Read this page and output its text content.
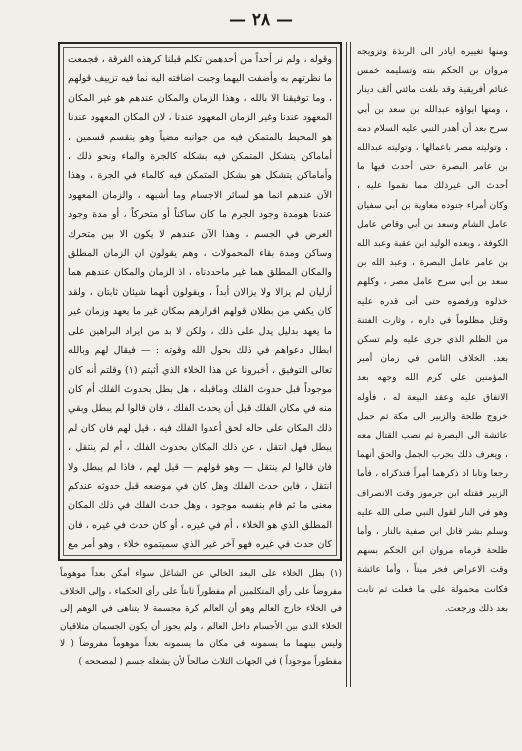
— ٢٨ —

وقوله ، ولم نر أحداً من أحدهمن تكلم قبلنا كرهذه الفرقة ، فجمعت ما نظرتهم به وأضفت اليهما وجبت اضافته اليه نما فيه تزييف قولهم ، وما توفيقنا الا بالله ، وهذا الزمان والمكان عندهم هو غير المكان المعهود عندنا وغير الزمان المعهود عندنا ، لان المكان المعهود عندنا هو المحيط بالمتمكن فيه من جوانبه مضياً وهو ينقسم قسمين ، أماماكن يتشكل المتمكن فيه بشكله كالجرة والماء ونحو ذلك ، وأماماكن يتشكل هو بشكل المتمكن فيه كالماء في الجرة ، وهذا الآن عندهم انما هو لسائر الاجسام وما أشبهه ، والزمان المعهود عندنا هومدة وجود الجرم ما كان ساكناً أو متحركاً ، أو مدة وجود العرض في الجسم ، وهذا الآن عندهم لا يكون الا بين متحرك وساكن ومدة بقاء المحمولات ، وهم يقولون ان الزمان المطلق والمكان المطلق هما غير ماحددناه ، اذ الزمان والمكان عندهم هما أزليان لم يزالا ولا يزالان أبداً ، ويقولون أنهما شيئان ثابتان ، ولقد كان يكفي من بطلان قولهم اقرارهم بمكان غير ما يعهد وزمان غير ما يعهد بدليل يدل على ذلك ، ولكن لا بد من ايراد البراهين على ابطال دعواهم في ذلك بحول الله وقوته : — فيقال لهم وبالله تعالى التوفيق ، أخبرونا عن هذا الخلاء الذي أثبتم (١) وقلتم أنه كان موجوداً قبل حدوث الفلك وماقبله ، هل بطل بحدوث الفلك أم كان منه في مكان الفلك قبل أن يحدث الفلك ، فان قالوا لم يبطل وبقي ذلك المكان على حاله لحق أعدوا الفلك فيه ، قيل لهم فان كان لم يبطل فهل انتقل ، عن ذلك المكان بحدوث الفلك ، أم لم ينتقل ، فان قالوا لم ينتقل — وهو قولهم — قيل لهم ، فاذا لم يبطل ولا انتقل ، فاين حدث الفلك وهل كان في موضعه قبل حدوثه عندكم معنى ما ثم قام بنفسه موجود ، وهل حدث الفلك في ذلك المكان المطلق الذي هو الخلاء ، أم في غيره ، أو كان حدث في غيره ، فان كان حدث في غيره فهو آخر غير الذي سميتموه خلاء ، وهو أمر مع

(١) بطل الخلاء على البعد الخالي عن الشاغل سواء أمكن بعداً موهوماً مفروضاً على رأي المتكلمين أم مفطوراً ثابتاً على رأي الحكماء ، وإلى الخلاف في الخلاء خارج العالم وهو أن العالم كرة مجسمة لا يتناهى في الوهم إلى الخلاء الذي بين الأجسام داخل العالم ، ولم يجوز أن يكون الجسمان متلاقيان وليس بينهما ما يسمونه في مكان ما يسمونه بعداً موهوماً مفروضاً ( لا مفطوراً موجوداً ) في الجهات الثلاث صالحاً لأن يشغله جسم ( لمصححه )

ومنها تغييره اياذر الى الربذة وتزويجه مروان بن الحكم بنته وتسليمه خمس غنائم أفريقية وقد بلغت مائتي ألف دينار ، ومنها ايواؤه عبدالله بن سعد بن أبي سرح بعد أن أهدر النبي عليه السلام دمه ، وتوليته مصر باعمالها ، وتوليته عبدالله بن عامر البصرة حتى أحدث فيها ما أحدث الى غيرذلك مما نقموا عليه ، وكان أمراء جنوده معاوية بن أبي سفيان عامل الشام وسعد بن أبي وقاص عامل الكوفة ، وبعده الوليد ابن عقبة وعبد الله بن عامر عامل البصرة ، وعبد الله بن سعد بن أبي سرح عامل مصر ، وكلهم خذلوه ورفضوه حتى أتى قدره عليه وقتل مظلوماً في داره ، وثارت الفتنة من الظلم الذي جرى عليه ولم تسكن بعد. الخلاف الثامن في زمان أمير المؤمنين علي كرم الله وجهه بعد الاتفاق عليه وعقد البيعة له ، فأوله خروج طلحة والزبير الى مكة ثم حمل عائشة الى البصرة ثم نصب القتال معه ، ويعرف ذلك بحرب الجمل والحق أنهما رجعا وتابا اذ ذكرهما أمراً فتذكراه ، فأما الزبير فقتله ابن جرموز وقت الانصراف وهو في النار لقول النبي صلى الله عليه وسلم بشر قاتل ابن صفية بالنار ، وأما طلحة فرماه مروان ابن الحكم بسهم وقت الاعراض فخر ميتاً ، وأما عائشة فكانت محمولة على ما فعلت ثم تابت بعد ذلك ورجعت.
